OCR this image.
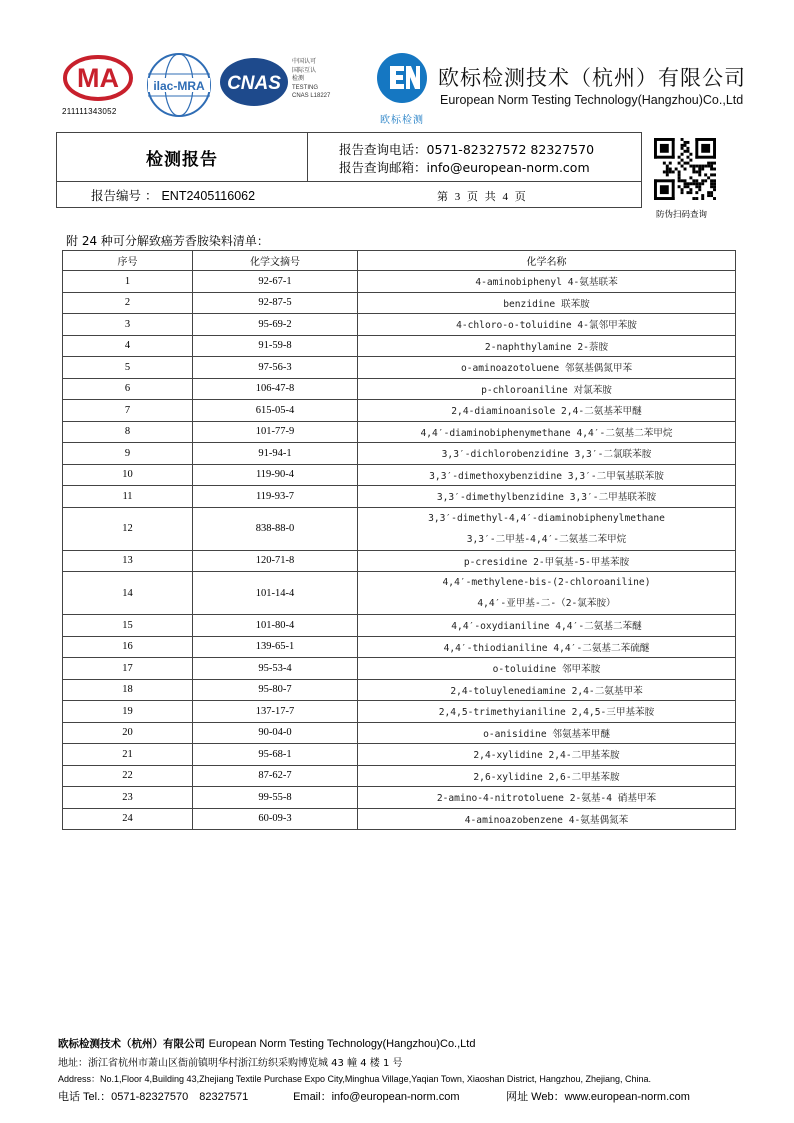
MA
211111343052
ilac-MRA CNAS
中国认可
国际互认
检测
TESTING
CNAS L18227
欧标检测
欧标检测技术（杭州）有限公司
European Norm Testing Technology(Hangzhou)Co.,Ltd
检测报告	报告查询电话：0571-82327572 82327570
报告查询邮箱：info@european-norm.com
报告编号 ： ENT2405116062	第 3 页 共 4 页
防伪扫码查询
附 24 种可分解致癌芳香胺染料清单：
序号	化学文摘号	化学名称
1	92-67-1	4-aminobiphenyl 4-氨基联苯

2	92-87-5	benzidine 联苯胺

3	95-69-2	4-chloro-o-toluidine 4-氯邻甲苯胺

4	91-59-8	2-naphthylamine 2-萘胺

5	97-56-3	o-aminoazotoluene 邻氨基偶氮甲苯

6	106-47-8	p-chloroaniline 对氯苯胺

7	615-05-4	2,4-diaminoanisole 2,4-二氨基苯甲醚

8	101-77-9	4,4′-diaminobiphenymethane 4,4′-二氨基二苯甲烷

9	91-94-1	3,3′-dichlorobenzidine 3,3′-二氯联苯胺

10	119-90-4	3,3′-dimethoxybenzidine 3,3′-二甲氧基联苯胺

11	119-93-7	3,3′-dimethylbenzidine 3,3′-二甲基联苯胺

12	838-88-0	3,3′-dimethyl-4,4′-diaminobiphenylmethane
3,3′-二甲基-4,4′-二氨基二苯甲烷

13	120-71-8	p-cresidine 2-甲氧基-5-甲基苯胺

14	101-14-4	4,4′-methylene-bis-(2-chloroaniline)
4,4′-亚甲基-二-（2-氯苯胺）

15	101-80-4	4,4′-oxydianiline 4,4′-二氨基二苯醚

16	139-65-1	4,4′-thiodianiline 4,4′-二氨基二苯硫醚

17	95-53-4	o-toluidine 邻甲苯胺

18	95-80-7	2,4-toluylenediamine 2,4-二氨基甲苯

19	137-17-7	2,4,5-trimethyianiline 2,4,5-三甲基苯胺

20	90-04-0	o-anisidine 邻氨基苯甲醚

21	95-68-1	2,4-xylidine 2,4-二甲基苯胺

22	87-62-7	2,6-xylidine 2,6-二甲基苯胺

23	99-55-8	2-amino-4-nitrotoluene 2-氨基-4 硝基甲苯

24	60-09-3	4-aminoazobenzene 4-氨基偶氮苯
欧标检测技术（杭州）有限公司 European Norm Testing Technology(Hangzhou)Co.,Ltd
地址：浙江省杭州市萧山区衙前镇明华村浙江纺织采购博览城 43 幢 4 楼 1 号
Address：No.1,Floor 4,Building 43,Zhejiang Textile Purchase Expo City,Minghua Village,Yaqian Town, Xiaoshan District, Hangzhou, Zhejiang, China.
电话 Tel.：0571-82327570　82327571	Email：info@european-norm.com	网址 Web：www.european-norm.com
